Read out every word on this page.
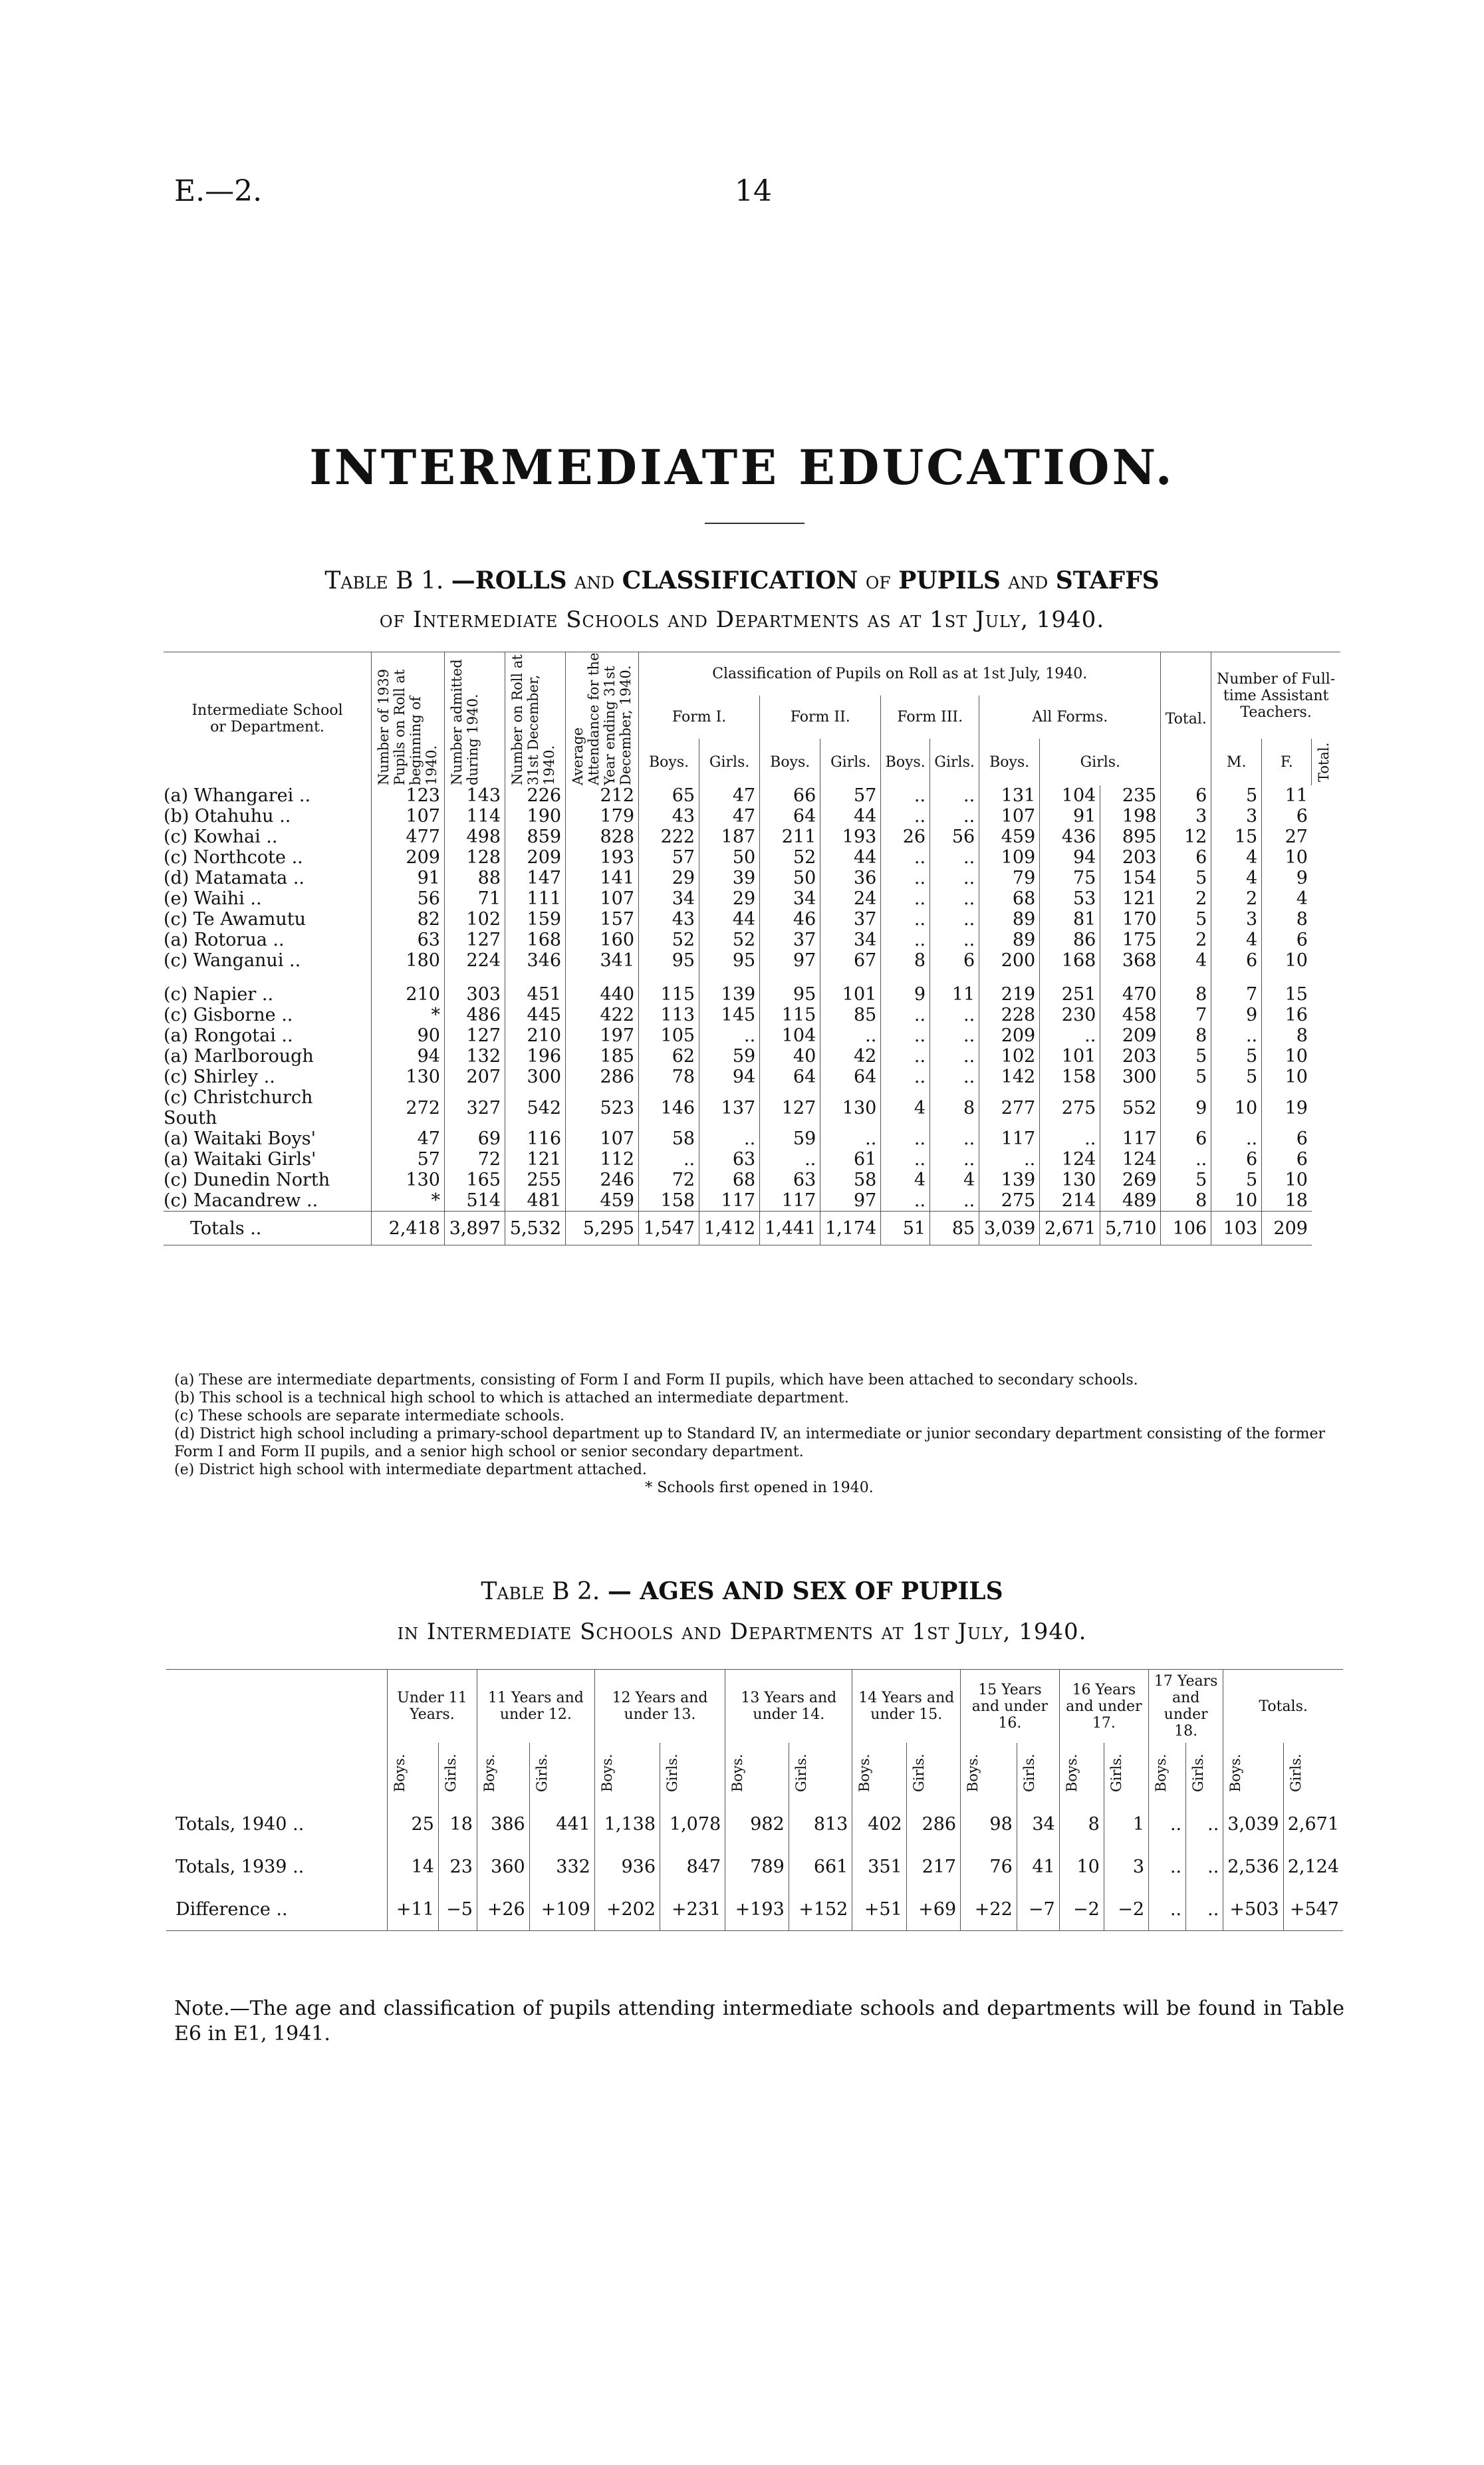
E.—2.	14
INTERMEDIATE EDUCATION.
Table B 1. —ROLLS and CLASSIFICATION of PUPILS and STAFFS
of Intermediate Schools and Departments as at 1st July, 1940.
Intermediate School or Department.	Number of 1939 Pupils on Roll at beginning of 1940.	Number admitted during 1940.	Number on Roll at 31st December, 1940.	Average Attendance for the Year ending 31st December, 1940.	Classification of Pupils on Roll as at 1st July, 1940.									Total.	Number of Full-time Assistant Teachers.		
					Form I.		Form II.		Form III.		All Forms.						
					Boys.	Girls.	Boys.	Girls.	Boys.	Girls.	Boys.	Girls.			M.	F.	Total.

(a) Whangarei ..	123	143	226	212	65	47	66	57	..	..	131	104	235	6	5	11	
(b) Otahuhu ..	107	114	190	179	43	47	64	44	..	..	107	91	198	3	3	6	
(c) Kowhai ..	477	498	859	828	222	187	211	193	26	56	459	436	895	12	15	27	
(c) Northcote ..	209	128	209	193	57	50	52	44	..	..	109	94	203	6	4	10	
(d) Matamata ..	91	88	147	141	29	39	50	36	..	..	79	75	154	5	4	9	
(e) Waihi ..	56	71	111	107	34	29	34	24	..	..	68	53	121	2	2	4	
(c) Te Awamutu	82	102	159	157	43	44	46	37	..	..	89	81	170	5	3	8	
(a) Rotorua ..	63	127	168	160	52	52	37	34	..	..	89	86	175	2	4	6	
(c) Wanganui ..	180	224	346	341	95	95	97	67	8	6	200	168	368	4	6	10	

(c) Napier ..	210	303	451	440	115	139	95	101	9	11	219	251	470	8	7	15	
(c) Gisborne ..	*	486	445	422	113	145	115	85	..	..	228	230	458	7	9	16	
(a) Rongotai ..	90	127	210	197	105	..	104	..	..	..	209	..	209	8	..	8	
(a) Marlborough	94	132	196	185	62	59	40	42	..	..	102	101	203	5	5	10	
(c) Shirley ..	130	207	300	286	78	94	64	64	..	..	142	158	300	5	5	10	
(c) Christchurch South	272	327	542	523	146	137	127	130	4	8	277	275	552	9	10	19	
(a) Waitaki Boys'	47	69	116	107	58	..	59	..	..	..	117	..	117	6	..	6	
(a) Waitaki Girls'	57	72	121	112	..	63	..	61	..	..	..	124	124	..	6	6	
(c) Dunedin North	130	165	255	246	72	68	63	58	4	4	139	130	269	5	5	10	
(c) Macandrew ..	*	514	481	459	158	117	117	97	..	..	275	214	489	8	10	18	
Totals ..	2,418	3,897	5,532	5,295	1,547	1,412	1,441	1,174	51	85	3,039	2,671	5,710	106	103	209	
(a) These are intermediate departments, consisting of Form I and Form II pupils, which have been attached to secondary schools.
(b) This school is a technical high school to which is attached an intermediate department.
(c) These schools are separate intermediate schools.
(d) District high school including a primary-school department up to Standard IV, an intermediate or junior secondary department consisting of the former Form I and Form II pupils, and a senior high school or senior secondary department.
(e) District high school with intermediate department attached.
* Schools first opened in 1940.
Table B 2. — AGES AND SEX OF PUPILS
in Intermediate Schools and Departments at 1st July, 1940.
	Under 11 Years.		11 Years and under 12.		12 Years and under 13.		13 Years and under 14.		14 Years and under 15.		15 Years and under 16.		16 Years and under 17.		17 Years and under 18.		Totals.	

	Boys.	Girls.	Boys.	Girls.	Boys.	Girls.	Boys.	Girls.	Boys.	Girls.	Boys.	Girls.	Boys.	Girls.	Boys.	Girls.	Boys.	Girls.

Totals, 1940 ..	25	18	386	441	1,138	1,078	982	813	402	286	98	34	8	1	..	..	3,039	2,671
Totals, 1939 ..	14	23	360	332	936	847	789	661	351	217	76	41	10	3	..	..	2,536	2,124
Difference ..	+11	−5	+26	+109	+202	+231	+193	+152	+51	+69	+22	−7	−2	−2	..	..	+503	+547
Note.—The age and classification of pupils attending intermediate schools and departments will be found in Table E6 in E1, 1941.
